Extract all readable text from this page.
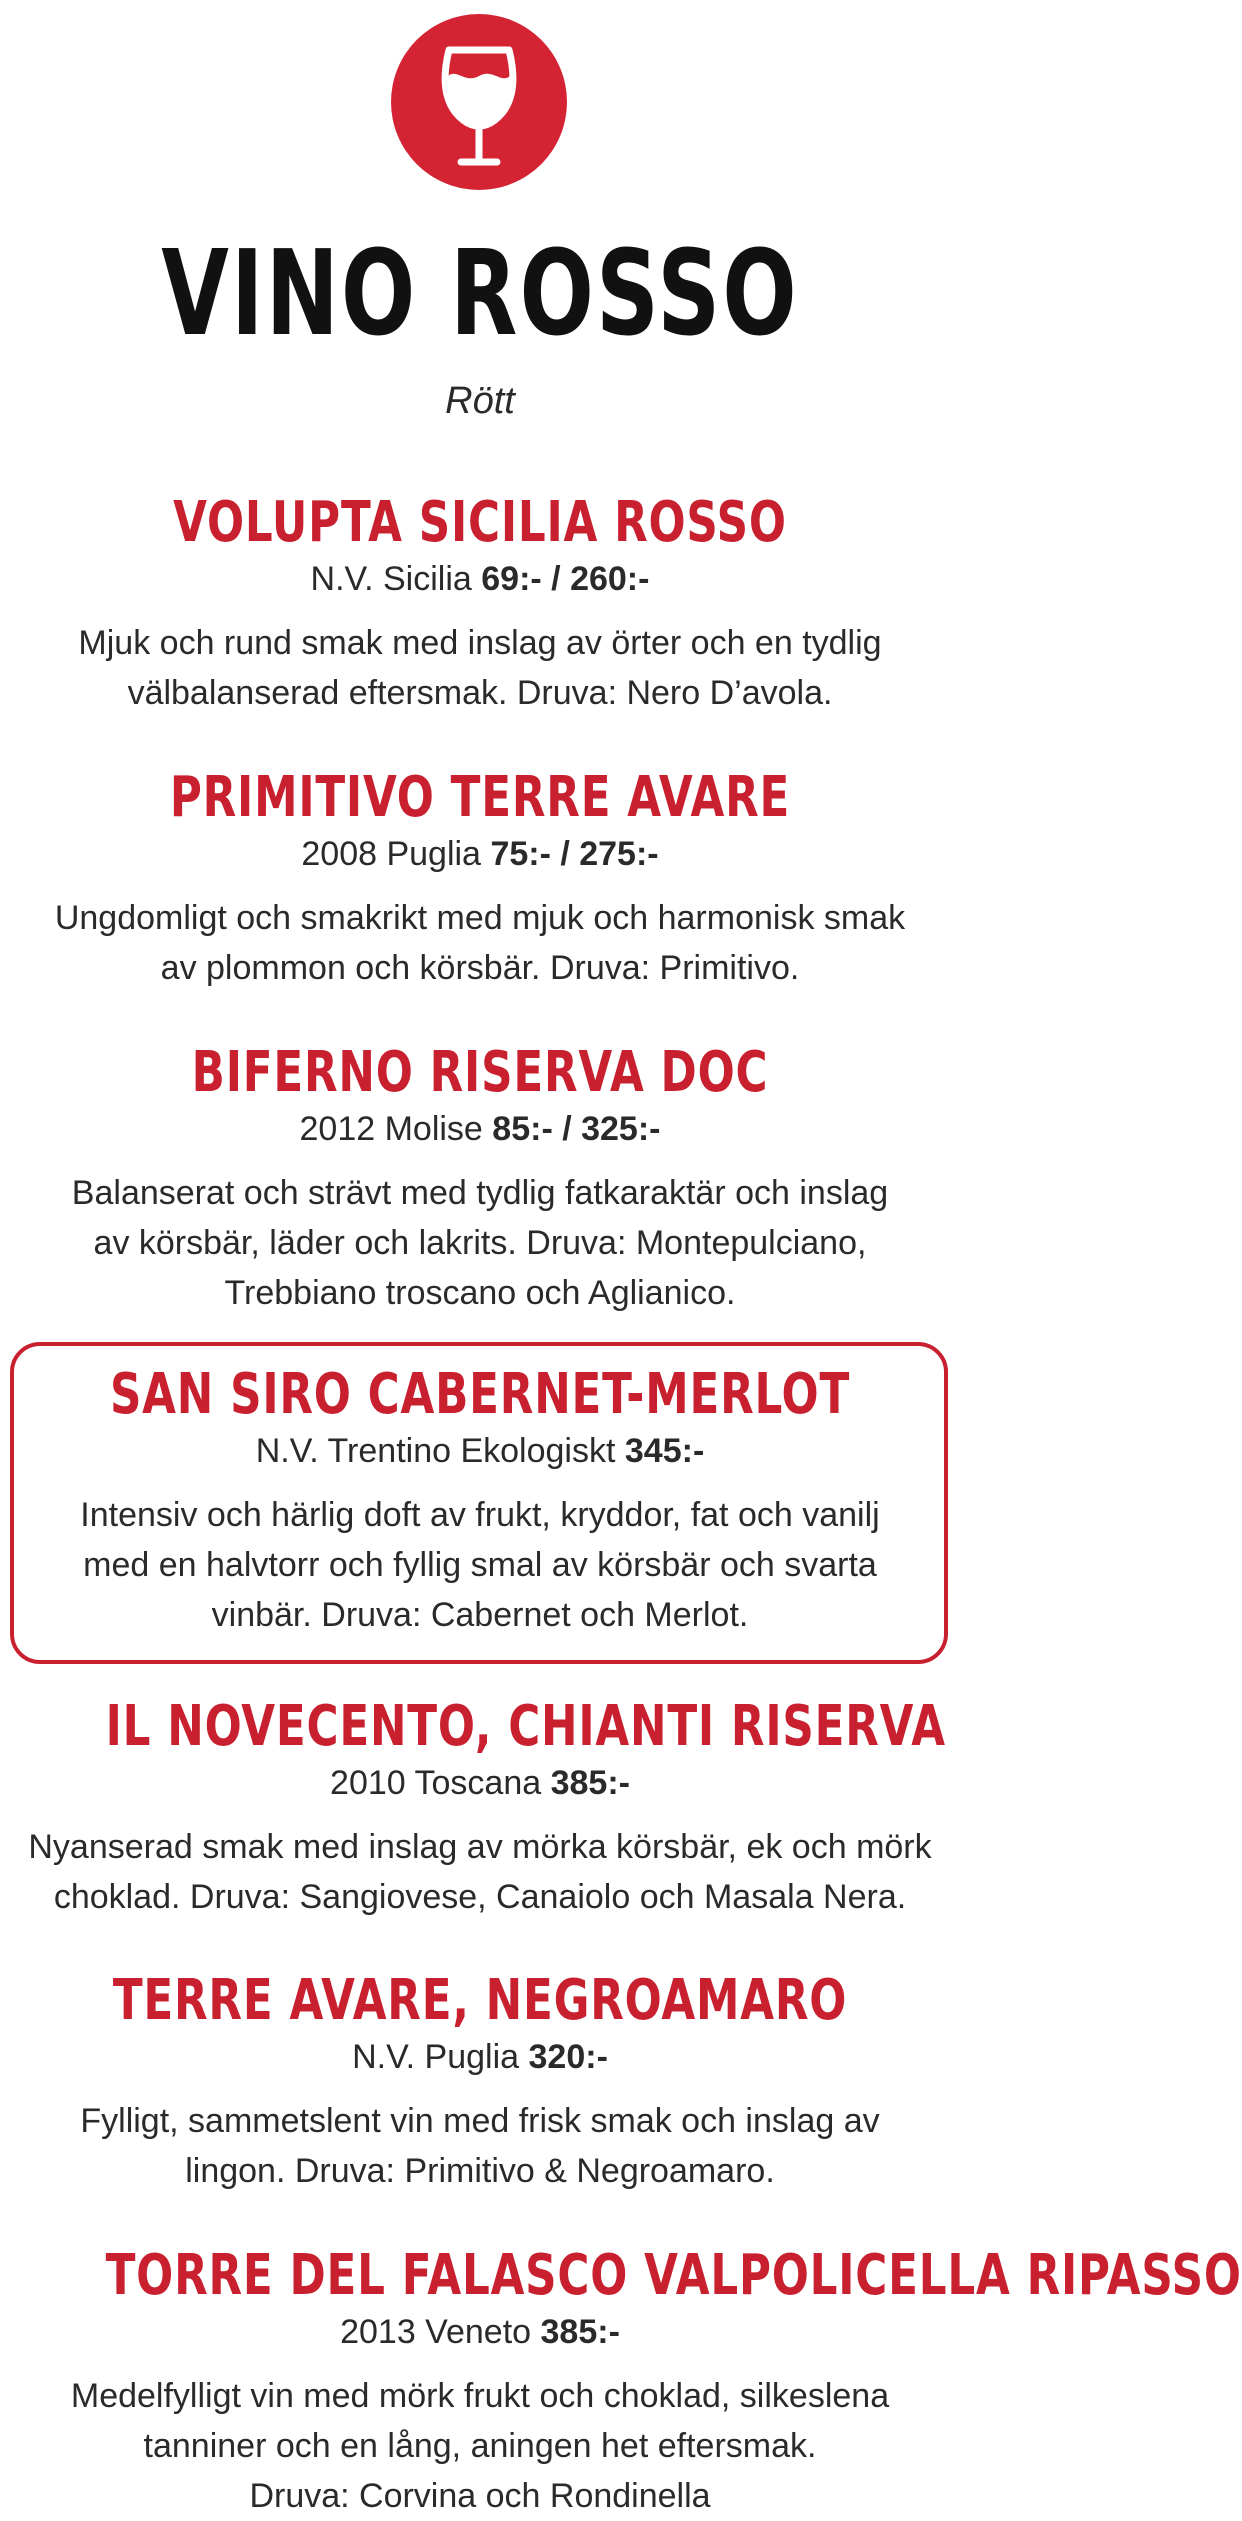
VINO ROSSO
Rött
VOLUPTA SICILIA ROSSO
N.V. Sicilia 69:- / 260:-
Mjuk och rund smak med inslag av örter och en tydlig
välbalanserad eftersmak. Druva: Nero D’avola.
PRIMITIVO TERRE AVARE
2008 Puglia 75:- / 275:-
Ungdomligt och smakrikt med mjuk och harmonisk smak
av plommon och körsbär. Druva: Primitivo.
BIFERNO RISERVA DOC
2012 Molise 85:- / 325:-
Balanserat och strävt med tydlig fatkaraktär och inslag
av körsbär, läder och lakrits. Druva: Montepulciano,
Trebbiano troscano och Aglianico.
SAN SIRO CABERNET-MERLOT
N.V. Trentino Ekologiskt 345:-
Intensiv och härlig doft av frukt, kryddor, fat och vanilj
med en halvtorr och fyllig smal av körsbär och svarta
vinbär. Druva: Cabernet och Merlot.
IL NOVECENTO, CHIANTI RISERVA
2010 Toscana 385:-
Nyanserad smak med inslag av mörka körsbär, ek och mörk
choklad. Druva: Sangiovese, Canaiolo och Masala Nera.
TERRE AVARE, NEGROAMARO
N.V. Puglia 320:-
Fylligt, sammetslent vin med frisk smak och inslag av
lingon. Druva: Primitivo & Negroamaro.
TORRE DEL FALASCO VALPOLICELLA RIPASSO
2013 Veneto 385:-
Medelfylligt vin med mörk frukt och choklad, silkeslena
tanniner och en lång, aningen het eftersmak.
Druva: Corvina och Rondinella
